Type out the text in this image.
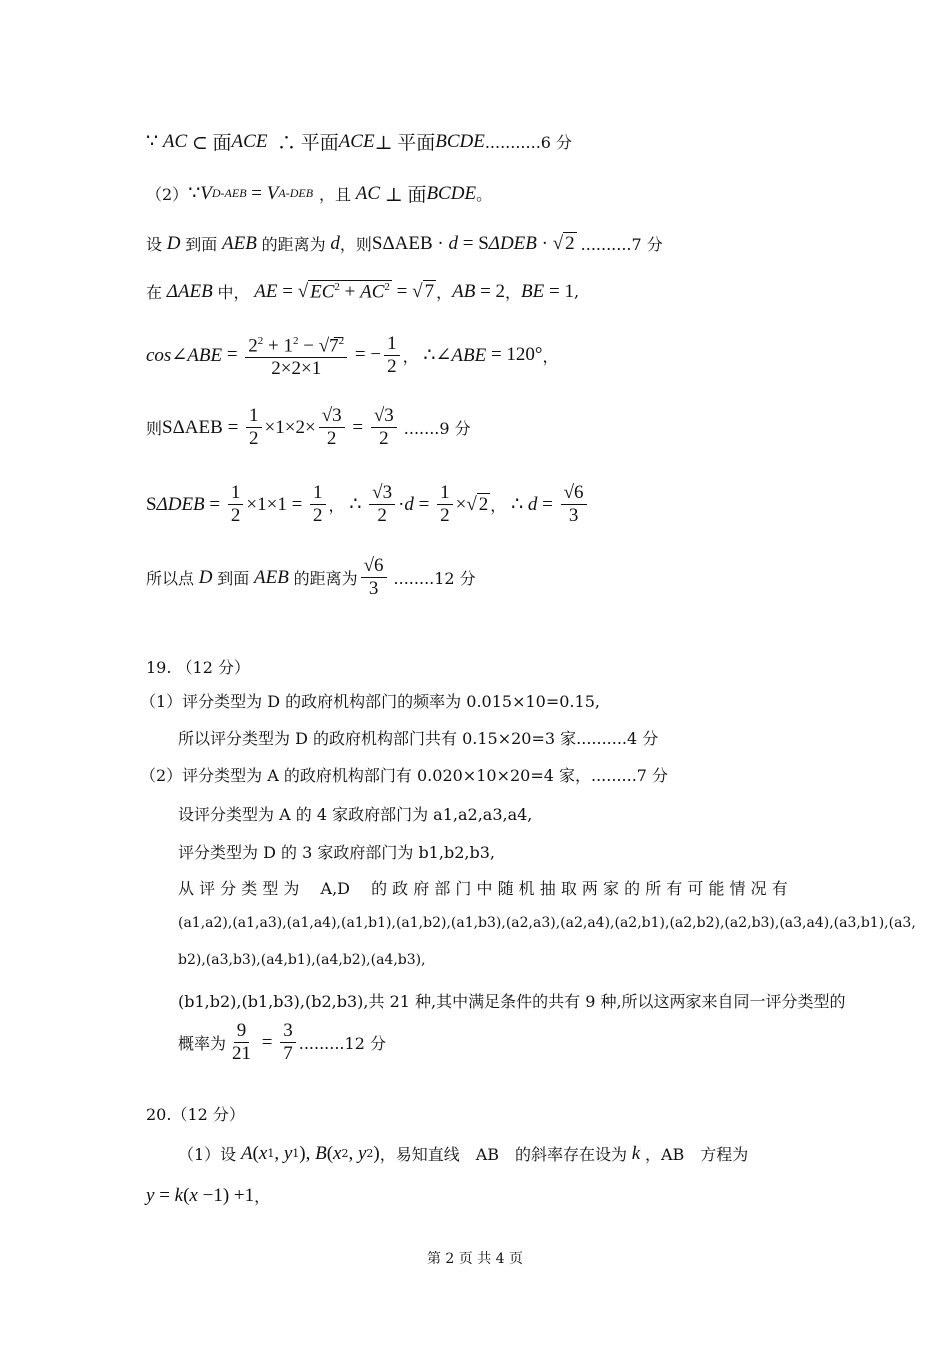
∵ AC ⊂ 面 ACE ∴ 平面 ACE ⊥ 平面 BCDE ...........6 分
（2） ∵ V D-AEB = V A-DEB ，且 AC ⊥ 面 BCDE 。
设 D 到面 AEB 的距离为 d ，则 S ΔAEB · d = S ΔDEB · √ 2 ..........7 分
在 ΔAEB 中， AE = √ $EC^2 + AC^2$ = √ 7 ， AB = 2 ， BE = 1 ,
cos∠ABE = $\frac{2^2 + 1^2 - √7̅^2}{2\times 2\times 1}$ = − $\frac{1}{2}$ ， ∴ ∠ABE = 120° ，
则 S $\Delta AEB = \frac{1}{2} \times 1\times 2\times \frac{√3}{2} = \frac{√3}{2} .......9$ 分
S $\Delta DEB = \frac{1}{2} \times 1\times 1 = \frac{1}{2}$ ， ∴ $\frac{√3}{2} \cdot d = \frac{1}{2}$ × √ 2 ， ∴ $d = \frac{√6}{3}$
所以点 D 到面 AEB 的距离为 $\frac{√6}{3} ........12$ 分
19. （12 分）
（1）评分类型为 D 的政府机构部门的频率为 0.015×10=0.15,
所以评分类型为 D 的政府机构部门共有 0.15×20=3 家..........4 分
（2）评分类型为 A 的政府机构部门有 0.020×10×20=4 家，.........7 分
设评分类型为 A 的 4 家政府部门为 a1,a2,a3,a4,
评分类型为 D 的 3 家政府部门为 b1,b2,b3,
从 评 分 类 型 为 　A,D　 的 政 府 部 门 中 随 机 抽 取 两 家 的 所 有 可 能 情 况 有
(a1,a2),(a1,a3),(a1,a4),(a1,b1),(a1,b2),(a1,b3),(a2,a3),(a2,a4),(a2,b1),(a2,b2),(a2,b3),(a3,a4),(a3,b1),(a3,
b2),(a3,b3),(a4,b1),(a4,b2),(a4,b3),
(b1,b2),(b1,b3),(b2,b3),共 21 种,其中满足条件的共有 9 种,所以这两家来自同一评分类型的
概率为 $\frac{9}{21} = \frac{3}{7} .........12$ 分
20.（12 分）
（1）设 A ( x 1 , y 1 ), B ( x 2 , y 2 ) ，易知直线　AB　的斜率存在设为 k ，AB　方程为
y = k ( x −1) +1 ，
第 2 页 共 4 页
